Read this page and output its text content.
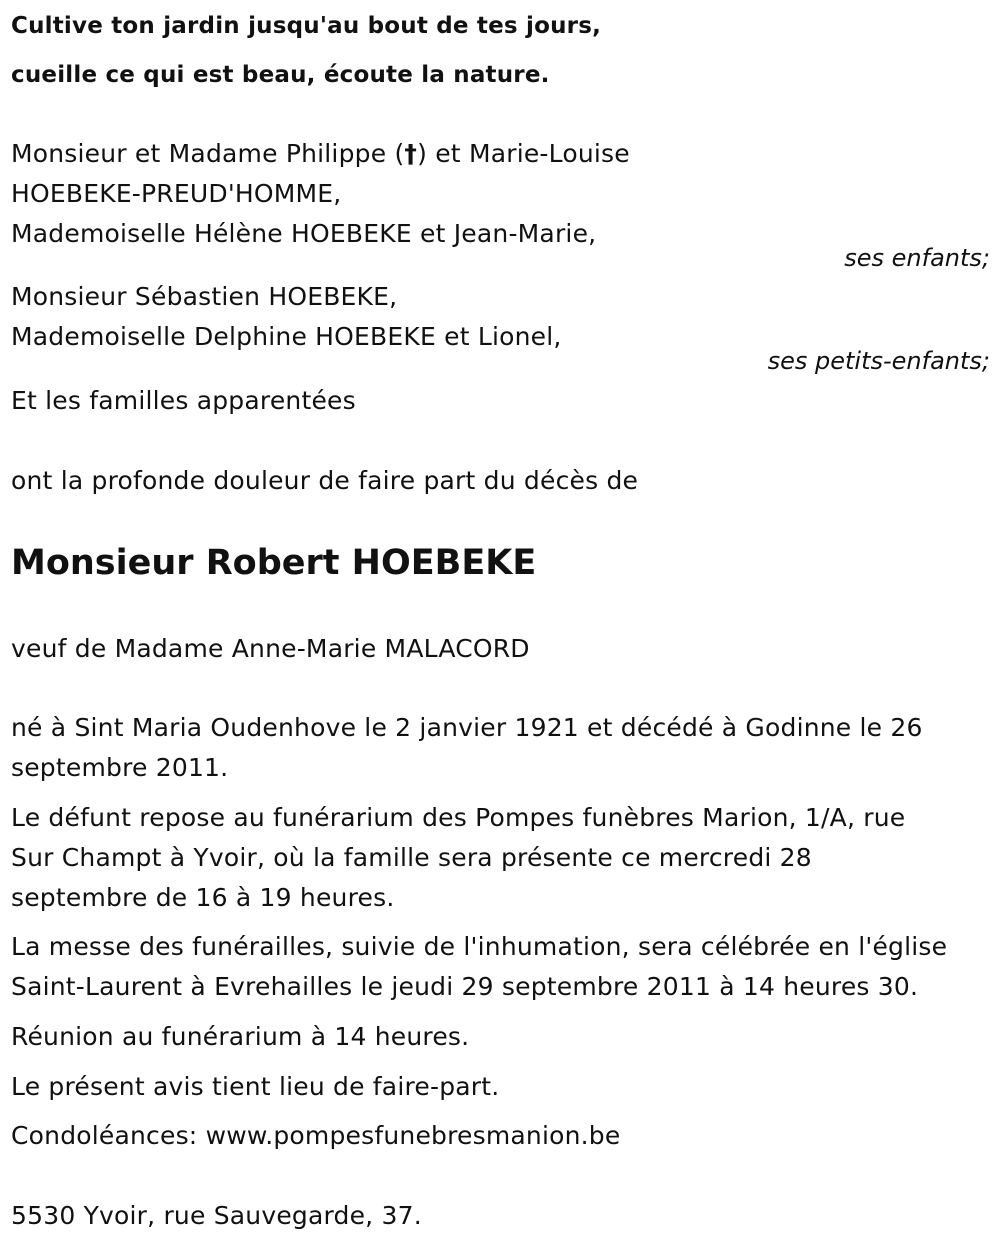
Cultive ton jardin jusqu'au bout de tes jours,
cueille ce qui est beau, écoute la nature.
Monsieur et Madame Philippe (†) et Marie-Louise
HOEBEKE-PREUD'HOMME,
Mademoiselle Hélène HOEBEKE et Jean-Marie,
ses enfants;
Monsieur Sébastien HOEBEKE,
Mademoiselle Delphine HOEBEKE et Lionel,
ses petits-enfants;
Et les familles apparentées
ont la profonde douleur de faire part du décès de
Monsieur Robert HOEBEKE
veuf de Madame Anne-Marie MALACORD
né à Sint Maria Oudenhove le 2 janvier 1921 et décédé à Godinne le 26
septembre 2011.
Le défunt repose au funérarium des Pompes funèbres Marion, 1/A, rue
Sur Champt à Yvoir, où la famille sera présente ce mercredi 28
septembre de 16 à 19 heures.
La messe des funérailles, suivie de l'inhumation, sera célébrée en l'église
Saint-Laurent à Evrehailles le jeudi 29 septembre 2011 à 14 heures 30.
Réunion au funérarium à 14 heures.
Le présent avis tient lieu de faire-part.
Condoléances: www.pompesfunebresmanion.be
5530 Yvoir, rue Sauvegarde, 37.
